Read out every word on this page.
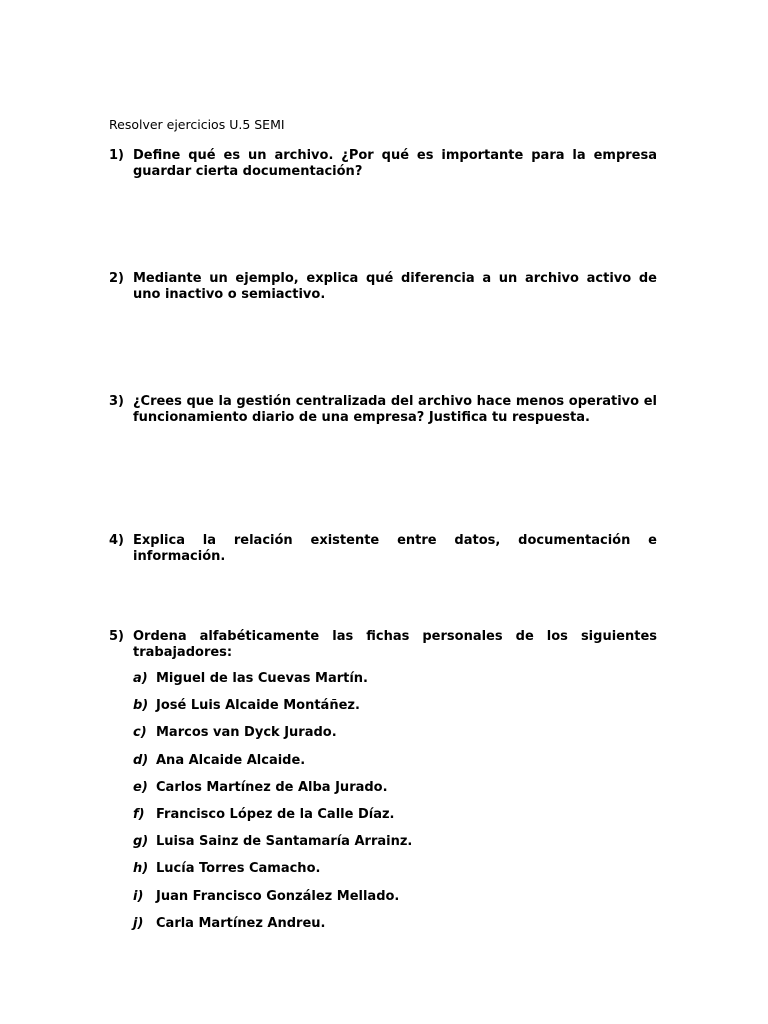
Resolver ejercicios U.5 SEMI
1) Define qué es un archivo. ¿Por qué es importante para la empresa guardar cierta documentación?
2) Mediante un ejemplo, explica qué diferencia a un archivo activo de uno inactivo o semiactivo.
3) ¿Crees que la gestión centralizada del archivo hace menos operativo el funcionamiento diario de una empresa? Justifica tu respuesta.
4) Explica la relación existente entre datos, documentación e información.
5) Ordena alfabéticamente las fichas personales de los siguientes trabajadores:
a) Miguel de las Cuevas Martín.
b) José Luis Alcaide Montáñez.
c) Marcos van Dyck Jurado.
d) Ana Alcaide Alcaide.
e) Carlos Martínez de Alba Jurado.
f) Francisco López de la Calle Díaz.
g) Luisa Sainz de Santamaría Arrainz.
h) Lucía Torres Camacho.
i) Juan Francisco González Mellado.
j) Carla Martínez Andreu.
